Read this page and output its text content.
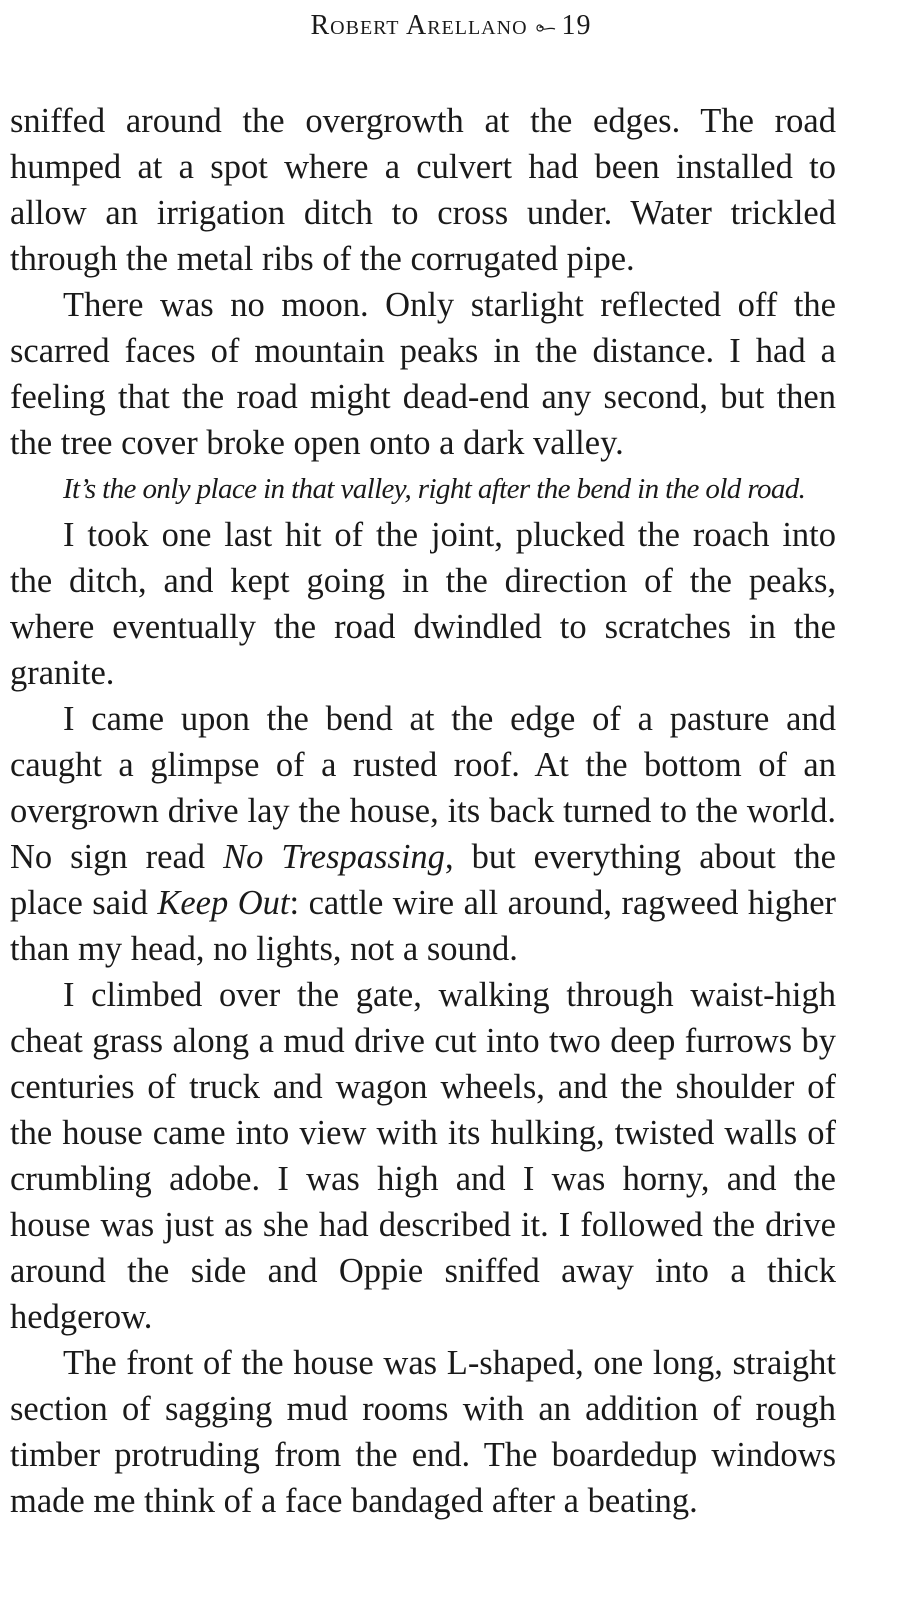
Robert Arellano 19

sniffed around the overgrowth at the edges. The road humped at a spot where a culvert had been installed to allow an irrigation ditch to cross under. Water trickled through the metal ribs of the corrugated pipe.

There was no moon. Only starlight reflected off the scarred faces of mountain peaks in the distance. I had a feeling that the road might dead-end any second, but then the tree cover broke open onto a dark valley.

It’s the only place in that valley, right after the bend in the old road.

I took one last hit of the joint, plucked the roach into the ditch, and kept going in the direction of the peaks, where eventually the road dwindled to scratches in the granite.

I came upon the bend at the edge of a pasture and caught a glimpse of a rusted roof. At the bottom of an overgrown drive lay the house, its back turned to the world. No sign read No Trespassing, but everything about the place said Keep Out: cattle wire all around, ragweed higher than my head, no lights, not a sound.

I climbed over the gate, walking through waist-high cheat grass along a mud drive cut into two deep furrows by centuries of truck and wagon wheels, and the shoulder of the house came into view with its hulking, twisted walls of crumbling adobe. I was high and I was horny, and the house was just as she had described it. I followed the drive around the side and Oppie sniffed away into a thick hedgerow.

The front of the house was L-shaped, one long, straight section of sagging mud rooms with an addition of rough timber protruding from the end. The boardedup windows made me think of a face bandaged after a beating.
